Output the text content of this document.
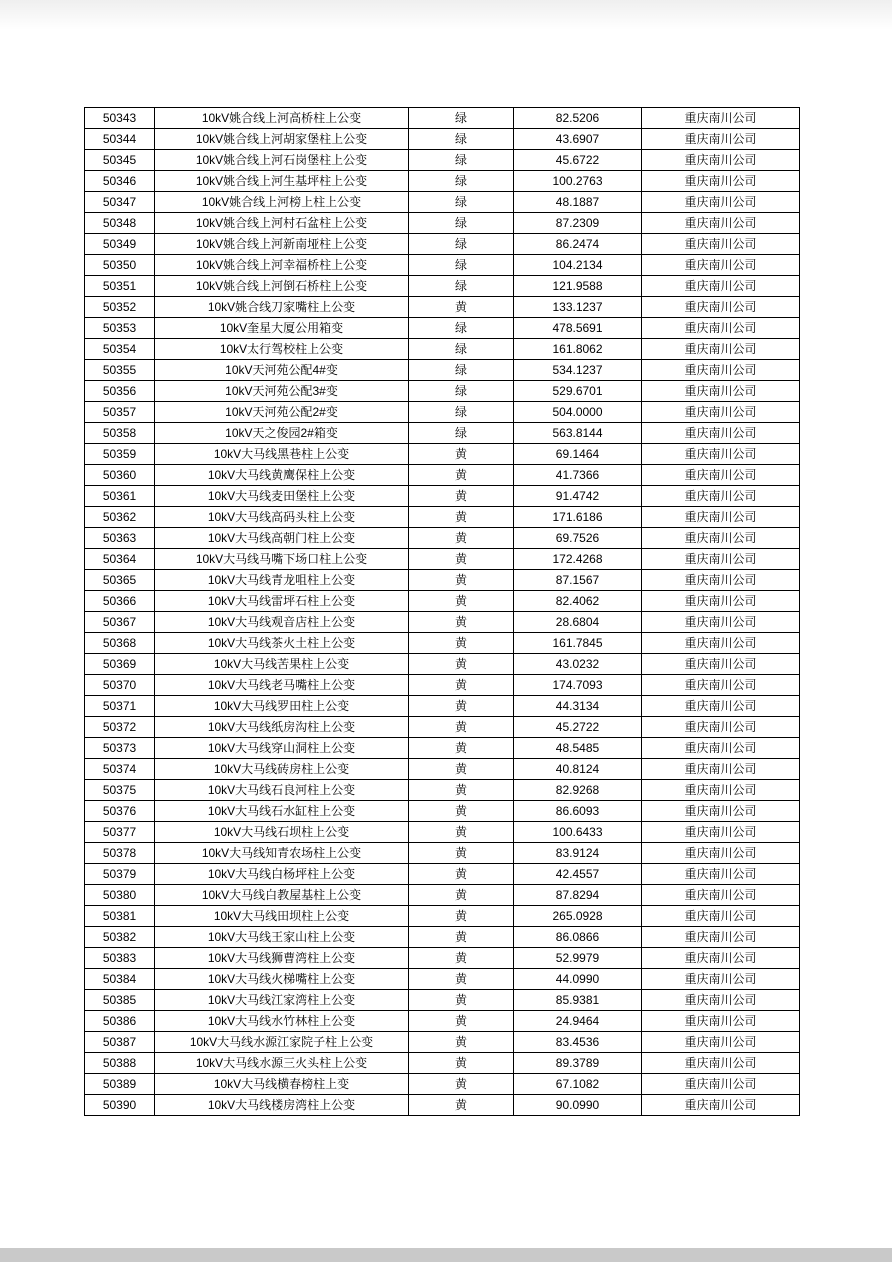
50343	10kV姚合线上河高桥柱上公变	绿	82.5206	重庆南川公司
50344	10kV姚合线上河胡家堡柱上公变	绿	43.6907	重庆南川公司
50345	10kV姚合线上河石岗堡柱上公变	绿	45.6722	重庆南川公司
50346	10kV姚合线上河生基坪柱上公变	绿	100.2763	重庆南川公司
50347	10kV姚合线上河榜上柱上公变	绿	48.1887	重庆南川公司
50348	10kV姚合线上河村石盆柱上公变	绿	87.2309	重庆南川公司
50349	10kV姚合线上河新南垭柱上公变	绿	86.2474	重庆南川公司
50350	10kV姚合线上河幸福桥柱上公变	绿	104.2134	重庆南川公司
50351	10kV姚合线上河倒石桥柱上公变	绿	121.9588	重庆南川公司
50352	10kV姚合线刀家嘴柱上公变	黄	133.1237	重庆南川公司
50353	10kV奎星大厦公用箱变	绿	478.5691	重庆南川公司
50354	10kV太行驾校柱上公变	绿	161.8062	重庆南川公司
50355	10kV天河苑公配4#变	绿	534.1237	重庆南川公司
50356	10kV天河苑公配3#变	绿	529.6701	重庆南川公司
50357	10kV天河苑公配2#变	绿	504.0000	重庆南川公司
50358	10kV天之俊园2#箱变	绿	563.8144	重庆南川公司
50359	10kV大马线黑巷柱上公变	黄	69.1464	重庆南川公司
50360	10kV大马线黄鹰保柱上公变	黄	41.7366	重庆南川公司
50361	10kV大马线麦田堡柱上公变	黄	91.4742	重庆南川公司
50362	10kV大马线高码头柱上公变	黄	171.6186	重庆南川公司
50363	10kV大马线高朝门柱上公变	黄	69.7526	重庆南川公司
50364	10kV大马线马嘴下场口柱上公变	黄	172.4268	重庆南川公司
50365	10kV大马线青龙咀柱上公变	黄	87.1567	重庆南川公司
50366	10kV大马线雷坪石柱上公变	黄	82.4062	重庆南川公司
50367	10kV大马线观音店柱上公变	黄	28.6804	重庆南川公司
50368	10kV大马线茶火土柱上公变	黄	161.7845	重庆南川公司
50369	10kV大马线苦果柱上公变	黄	43.0232	重庆南川公司
50370	10kV大马线老马嘴柱上公变	黄	174.7093	重庆南川公司
50371	10kV大马线罗田柱上公变	黄	44.3134	重庆南川公司
50372	10kV大马线纸房沟柱上公变	黄	45.2722	重庆南川公司
50373	10kV大马线穿山洞柱上公变	黄	48.5485	重庆南川公司
50374	10kV大马线砖房柱上公变	黄	40.8124	重庆南川公司
50375	10kV大马线石良河柱上公变	黄	82.9268	重庆南川公司
50376	10kV大马线石水缸柱上公变	黄	86.6093	重庆南川公司
50377	10kV大马线石坝柱上公变	黄	100.6433	重庆南川公司
50378	10kV大马线知青农场柱上公变	黄	83.9124	重庆南川公司
50379	10kV大马线白杨坪柱上公变	黄	42.4557	重庆南川公司
50380	10kV大马线白教屋基柱上公变	黄	87.8294	重庆南川公司
50381	10kV大马线田坝柱上公变	黄	265.0928	重庆南川公司
50382	10kV大马线王家山柱上公变	黄	86.0866	重庆南川公司
50383	10kV大马线狮曹湾柱上公变	黄	52.9979	重庆南川公司
50384	10kV大马线火梯嘴柱上公变	黄	44.0990	重庆南川公司
50385	10kV大马线江家湾柱上公变	黄	85.9381	重庆南川公司
50386	10kV大马线水竹林柱上公变	黄	24.9464	重庆南川公司
50387	10kV大马线水源江家院子柱上公变	黄	83.4536	重庆南川公司
50388	10kV大马线水源三火头柱上公变	黄	89.3789	重庆南川公司
50389	10kV大马线横春榜柱上变	黄	67.1082	重庆南川公司
50390	10kV大马线楼房湾柱上公变	黄	90.0990	重庆南川公司
